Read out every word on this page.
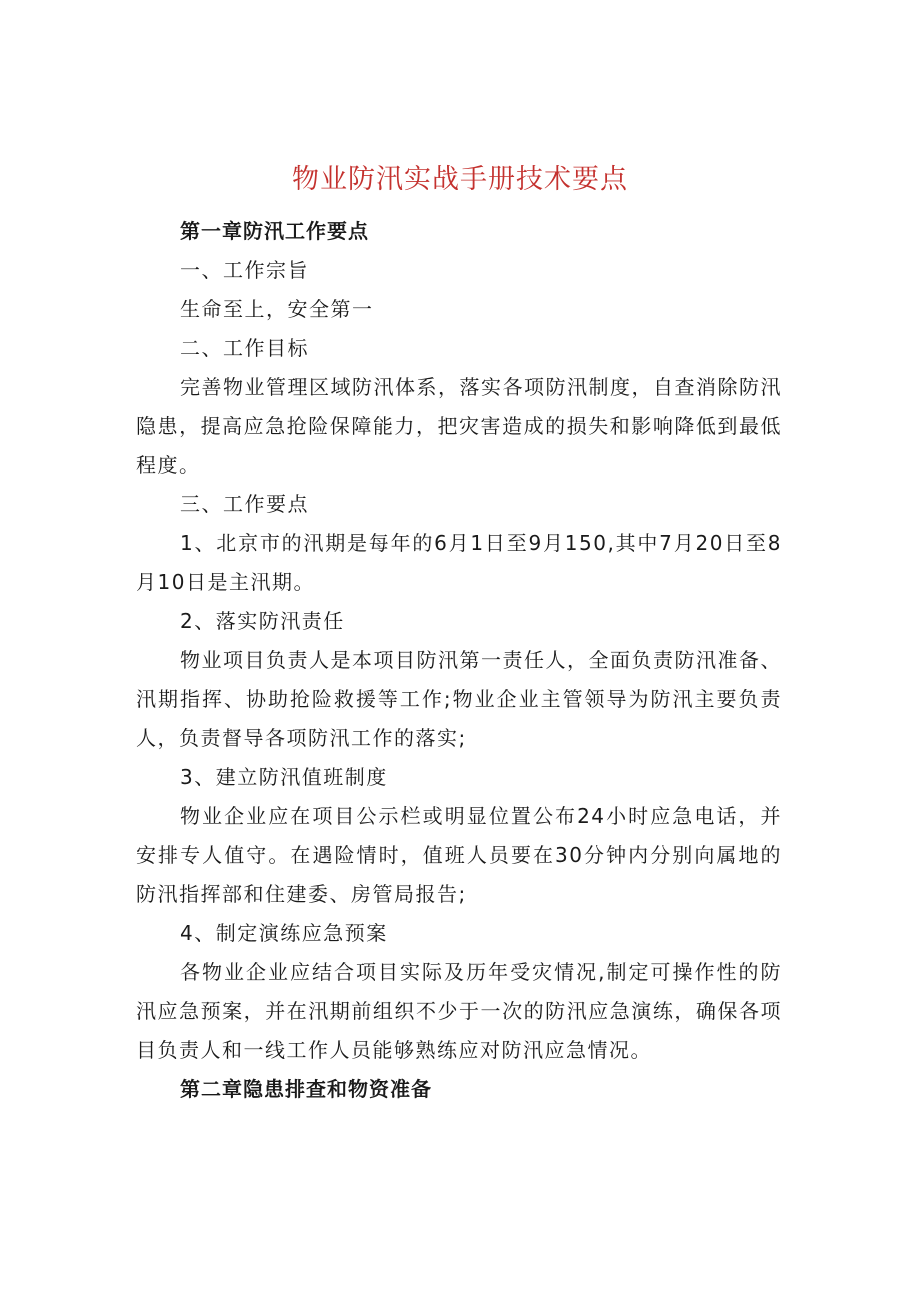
物业防汛实战手册技术要点

第一章防汛工作要点

一、工作宗旨

生命至上，安全第一

二、工作目标

完善物业管理区域防汛体系，落实各项防汛制度，自查消除防汛隐患，提高应急抢险保障能力，把灾害造成的损失和影响降低到最低程度。

三、工作要点

1、北京市的汛期是每年的6月1日至9月150,其中7月20日至8月10日是主汛期。

2、落实防汛责任

物业项目负责人是本项目防汛第一责任人，全面负责防汛准备、汛期指挥、协助抢险救援等工作;物业企业主管领导为防汛主要负责人，负责督导各项防汛工作的落实;

3、建立防汛值班制度

物业企业应在项目公示栏或明显位置公布24小时应急电话，并安排专人值守。在遇险情时，值班人员要在30分钟内分别向属地的防汛指挥部和住建委、房管局报告;

4、制定演练应急预案

各物业企业应结合项目实际及历年受灾情况,制定可操作性的防汛应急预案，并在汛期前组织不少于一次的防汛应急演练，确保各项目负责人和一线工作人员能够熟练应对防汛应急情况。

第二章隐患排查和物资准备
